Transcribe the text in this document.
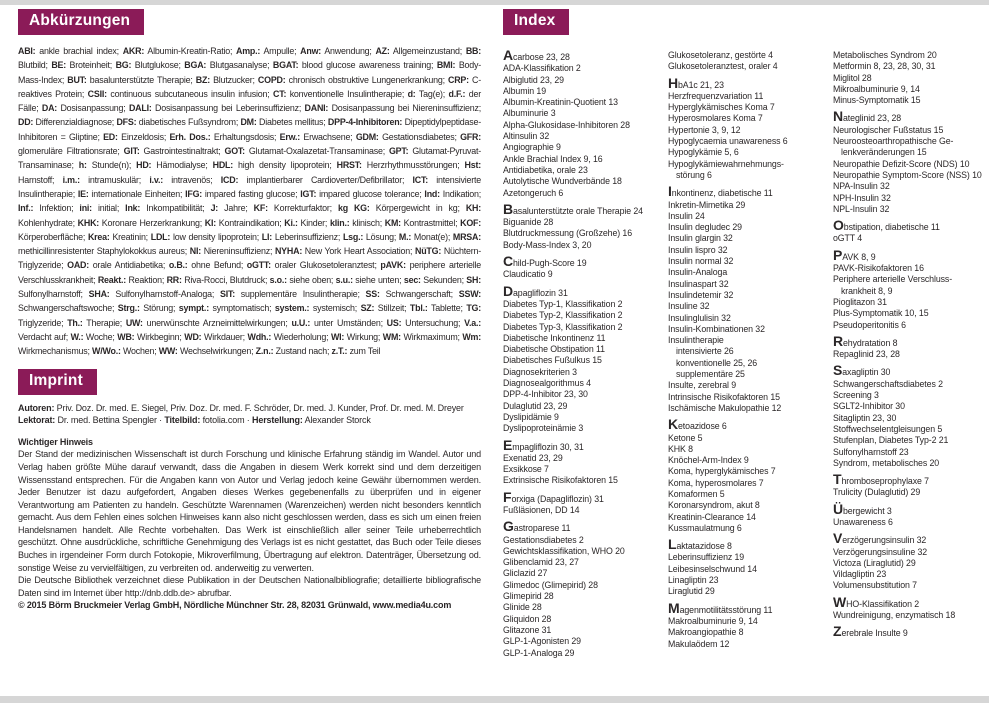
Abkürzungen

ABI: ankle brachial index; AKR: Albumin-Kreatin-Ratio; Amp.: Ampulle; Anw: Anwendung; AZ: Allgemeinzustand; BB: Blutbild; BE: Broteinheit; BG: Blutglukose; BGA: Blutgasanalyse; BGAT: blood glucose awareness training; BMI: Body-Mass-Index; BUT: basalunterstützte Therapie; BZ: Blutzucker; COPD: chronisch obstruktive Lungenerkrankung; CRP: C-reaktives Protein; CSII: continuous subcutaneous insulin infusion; CT: konventionelle Insulintherapie; d: Tag(e); d.F.: der Fälle; DA: Dosisanpassung; DALI: Dosisanpassung bei Leberinsuffizienz; DANI: Dosisanpassung bei Niereninsuffizienz; DD: Differenzialdiagnose; DFS: diabetisches Fußsyndrom; DM: Diabetes mellitus; DPP-4-Inhibitoren: Dipeptidylpeptidase-Inhibitoren = Gliptine; ED: Einzeldosis; Erh. Dos.: Erhaltungsdosis; Erw.: Erwachsene; GDM: Gestationsdiabetes; GFR: glomeruläre Filtrationsrate; GIT: Gastrointestinaltrakt; GOT: Glutamat-Oxalazetat-Transaminase; GPT: Glutamat-Pyruvat-Transaminase; h: Stunde(n); HD: Hämodialyse; HDL: high density lipoprotein; HRST: Herzrhythmusstörungen; Hst: Harnstoff; i.m.: intramuskulär; i.v.: intravenös; ICD: implantierbarer Cardioverter/Defibrillator; ICT: intensivierte Insulintherapie; IE: internationale Einheiten; IFG: impared fasting glucose; IGT: impared glucose tolerance; Ind: Indikation; Inf.: Infektion; ini: initial; Ink: Inkompatibilität; J: Jahre; KF: Korrekturfaktor; kg KG: Körpergewicht in kg; KH: Kohlenhydrate; KHK: Koronare Herzerkrankung; KI: Kontraindikation; Ki.: Kinder; klin.: klinisch; KM: Kontrastmittel; KOF: Körperoberfläche; Krea: Kreatinin; LDL: low density lipoprotein; LI: Leberinsuffizienz; Lsg.: Lösung; M.: Monat(e); MRSA: methicillinresistenter Staphylokokkus aureus; NI: Niereninsuffizienz; NYHA: New York Heart Association; NüTG: Nüchtern-Triglyzeride; OAD: orale Antidiabetika; o.B.: ohne Befund; oGTT: oraler Glukosetoleranztest; pAVK: periphere arterielle Verschlusskrankheit; Reakt.: Reaktion; RR: Riva-Rocci, Blutdruck; s.o.: siehe oben; s.u.: siehe unten; sec: Sekunden; SH: Sulfonylharnstoff; SHA: Sulfonylharnstoff-Analoga; SIT: supplementäre Insulintherapie; SS: Schwangerschaft; SSW: Schwangerschaftswoche; Strg.: Störung; sympt.: symptomatisch; system.: systemisch; SZ: Stillzeit; Tbl.: Tablette; TG: Triglyzeride; Th.: Therapie; UW: unerwünschte Arzneimittelwirkungen; u.U.: unter Umständen; US: Untersuchung; V.a.: Verdacht auf; W.: Woche; WB: Wirkbeginn; WD: Wirkdauer; Wdh.: Wiederholung; WI: Wirkung; WM: Wirkmaximum; Wm: Wirkmechanismus; W/Wo.: Wochen; WW: Wechselwirkungen; Z.n.: Zustand nach; z.T.: zum Teil

Imprint
Autoren: Priv. Doz. Dr. med. E. Siegel, Priv. Doz. Dr. med. F. Schröder, Dr. med. J. Kunder, Prof. Dr. med. M. Dreyer
Lektorat: Dr. med. Bettina Spengler · Titelbild: fotolia.com · Herstellung: Alexander Storck
Wichtiger Hinweis

Der Stand der medizinischen Wissenschaft ist durch Forschung und klinische Erfahrung ständig im Wandel. Autor und Verlag haben größte Mühe darauf verwandt, dass die Angaben in diesem Werk korrekt sind und dem derzeitigen Wissensstand entsprechen. Für die Angaben kann von Autor und Verlag jedoch keine Gewähr übernommen werden. Jeder Benutzer ist dazu aufgefordert, Angaben dieses Werkes gegebenenfalls zu überprüfen und in eigener Verantwortung am Patienten zu handeln. Geschützte Warennamen (Warenzeichen) werden nicht besonders kenntlich gemacht. Aus dem Fehlen eines solchen Hinweises kann also nicht geschlossen werden, dass es sich um einen freien Handelsnamen handelt. Alle Rechte vorbehalten. Das Werk ist einschließlich aller seiner Teile urheberrechtlich geschützt. Ohne ausdrückliche, schriftliche Genehmigung des Verlags ist es nicht gestattet, das Buch oder Teile dieses Buches in irgendeiner Form durch Fotokopie, Mikroverfilmung, Übertragung auf elektron. Datenträger, Übersetzung od. sonstige Weise zu vervielfältigen, zu verbreiten od. anderweitig zu verwerten.

Die Deutsche Bibliothek verzeichnet diese Publikation in der Deutschen Nationalbibliografie; detaillierte bibliografische Daten sind im Internet über http://dnb.ddb.de> abrufbar.

© 2015 Börm Bruckmeier Verlag GmbH, Nördliche Münchner Str. 28, 82031 Grünwald, www.media4u.com

Index
Acarbose 23, 28
ADA-Klassifikation 2
Albiglutid 23, 29
Albumin 19
Albumin-Kreatinin-Quotient 13
Albuminurie 3
Alpha-Glukosidase-Inhibitoren 28
Altinsulin 32
Angiographie 9
Ankle Brachial Index 9, 16
Antidiabetika, orale 23
Autolytische Wundverbände 18
Azetongeruch 6
Basalunterstützte orale Therapie 24
Biguanide 28
Blutdruckmessung (Großzehe) 16
Body-Mass-Index 3, 20
Child-Pugh-Score 19
Claudicatio 9
Dapagliflozin 31
Diabetes Typ-1, Klassifikation 2
Diabetes Typ-2, Klassifikation 2
Diabetes Typ-3, Klassifikation 2
Diabetische Inkontinenz 11
Diabetische Obstipation 11
Diabetisches Fußulkus 15
Diagnosekriterien 3
Diagnosealgorithmus 4
DPP-4-Inhibitor 23, 30
Dulaglutid 23, 29
Dyslipidämie 9
Dyslipoproteinämie 3
Empagliflozin 30, 31
Exenatid 23, 29
Exsikkose 7
Extrinsische Risikofaktoren 15
Forxiga (Dapagliflozin) 31
Fußläsionen, DD 14
Gastroparese 11
Gestationsdiabetes 2
Gewichtsklassifikation, WHO 20
Glibenclamid 23, 27
Gliclazid 27
Glimedoc (Glimepirid) 28
Glimepirid 28
Glinide 28
Gliquidon 28
Glitazone 31
GLP-1-Agonisten 29
GLP-1-Analoga 29
Glukosetoleranz, gestörte 4
Glukosetoleranztest, oraler 4
HbA1c 21, 23
Herzfrequenzvariation 11
Hyperglykämisches Koma 7
Hyperosmolares Koma 7
Hypertonie 3, 9, 12
Hypoglycaemia unawareness 6
Hypoglykämie 5, 6
Hypoglykämiewahrnehmungs-
störung 6
Inkontinenz, diabetische 11
Inkretin-Mimetika 29
Insulin 24
Insulin degludec 29
Insulin glargin 32
Insulin lispro 32
Insulin normal 32
Insulin-Analoga
Insulinaspart 32
Insulindetemir 32
Insuline 32
Insulinglulisin 32
Insulin-Kombinationen 32
Insulintherapie
intensivierte 26
konventionelle 25, 26
supplementäre 25
Insulte, zerebral 9
Intrinsische Risikofaktoren 15
Ischämische Makulopathie 12
Ketoazidose 6
Ketone 5
KHK 8
Knöchel-Arm-Index 9
Koma, hyperglykämisches 7
Koma, hyperosmolares 7
Komaformen 5
Koronarsyndrom, akut 8
Kreatinin-Clearance 14
Kussmaulatmung 6
Laktatazidose 8
Leberinsuffizienz 19
Leibesinselschwund 14
Linagliptin 23
Liraglutid 29
Magenmotilitätsstörung 11
Makroalbuminurie 9, 14
Makroangiopathie 8
Makulaödem 12
Metabolisches Syndrom 20
Metformin 8, 23, 28, 30, 31
Miglitol 28
Mikroalbuminurie 9, 14
Minus-Symptomatik 15
Nateglinid 23, 28
Neurologischer Fußstatus 15
Neuroosteoarthropathische Ge-
lenkveränderungen 15
Neuropathie Defizit-Score (NDS) 10
Neuropathie Symptom-Score (NSS) 10
NPA-Insulin 32
NPH-Insulin 32
NPL-Insulin 32
Obstipation, diabetische 11
oGTT 4
PAVK 8, 9
PAVK-Risikofaktoren 16
Periphere arterielle Verschluss-
krankheit 8, 9
Pioglitazon 31
Plus-Symptomatik 10, 15
Pseudoperitonitis 6
Rehydratation 8
Repaglinid 23, 28
Saxagliptin 30
Schwangerschaftsdiabetes 2
Screening 3
SGLT2-Inhibitor 30
Sitagliptin 23, 30
Stoffwechselentgleisungen 5
Stufenplan, Diabetes Typ-2 21
Sulfonylharnstoff 23
Syndrom, metabolisches 20
Thromboseprophylaxe 7
Trulicity (Dulaglutid) 29
Übergewicht 3
Unawareness 6
Verzögerungsinsulin 32
Verzögerungsinsuline 32
Victoza (Liraglutid) 29
Vildagliptin 23
Volumensubstitution 7
WHO-Klassifikation 2
Wundreinigung, enzymatisch 18
Zerebrale Insulte 9
